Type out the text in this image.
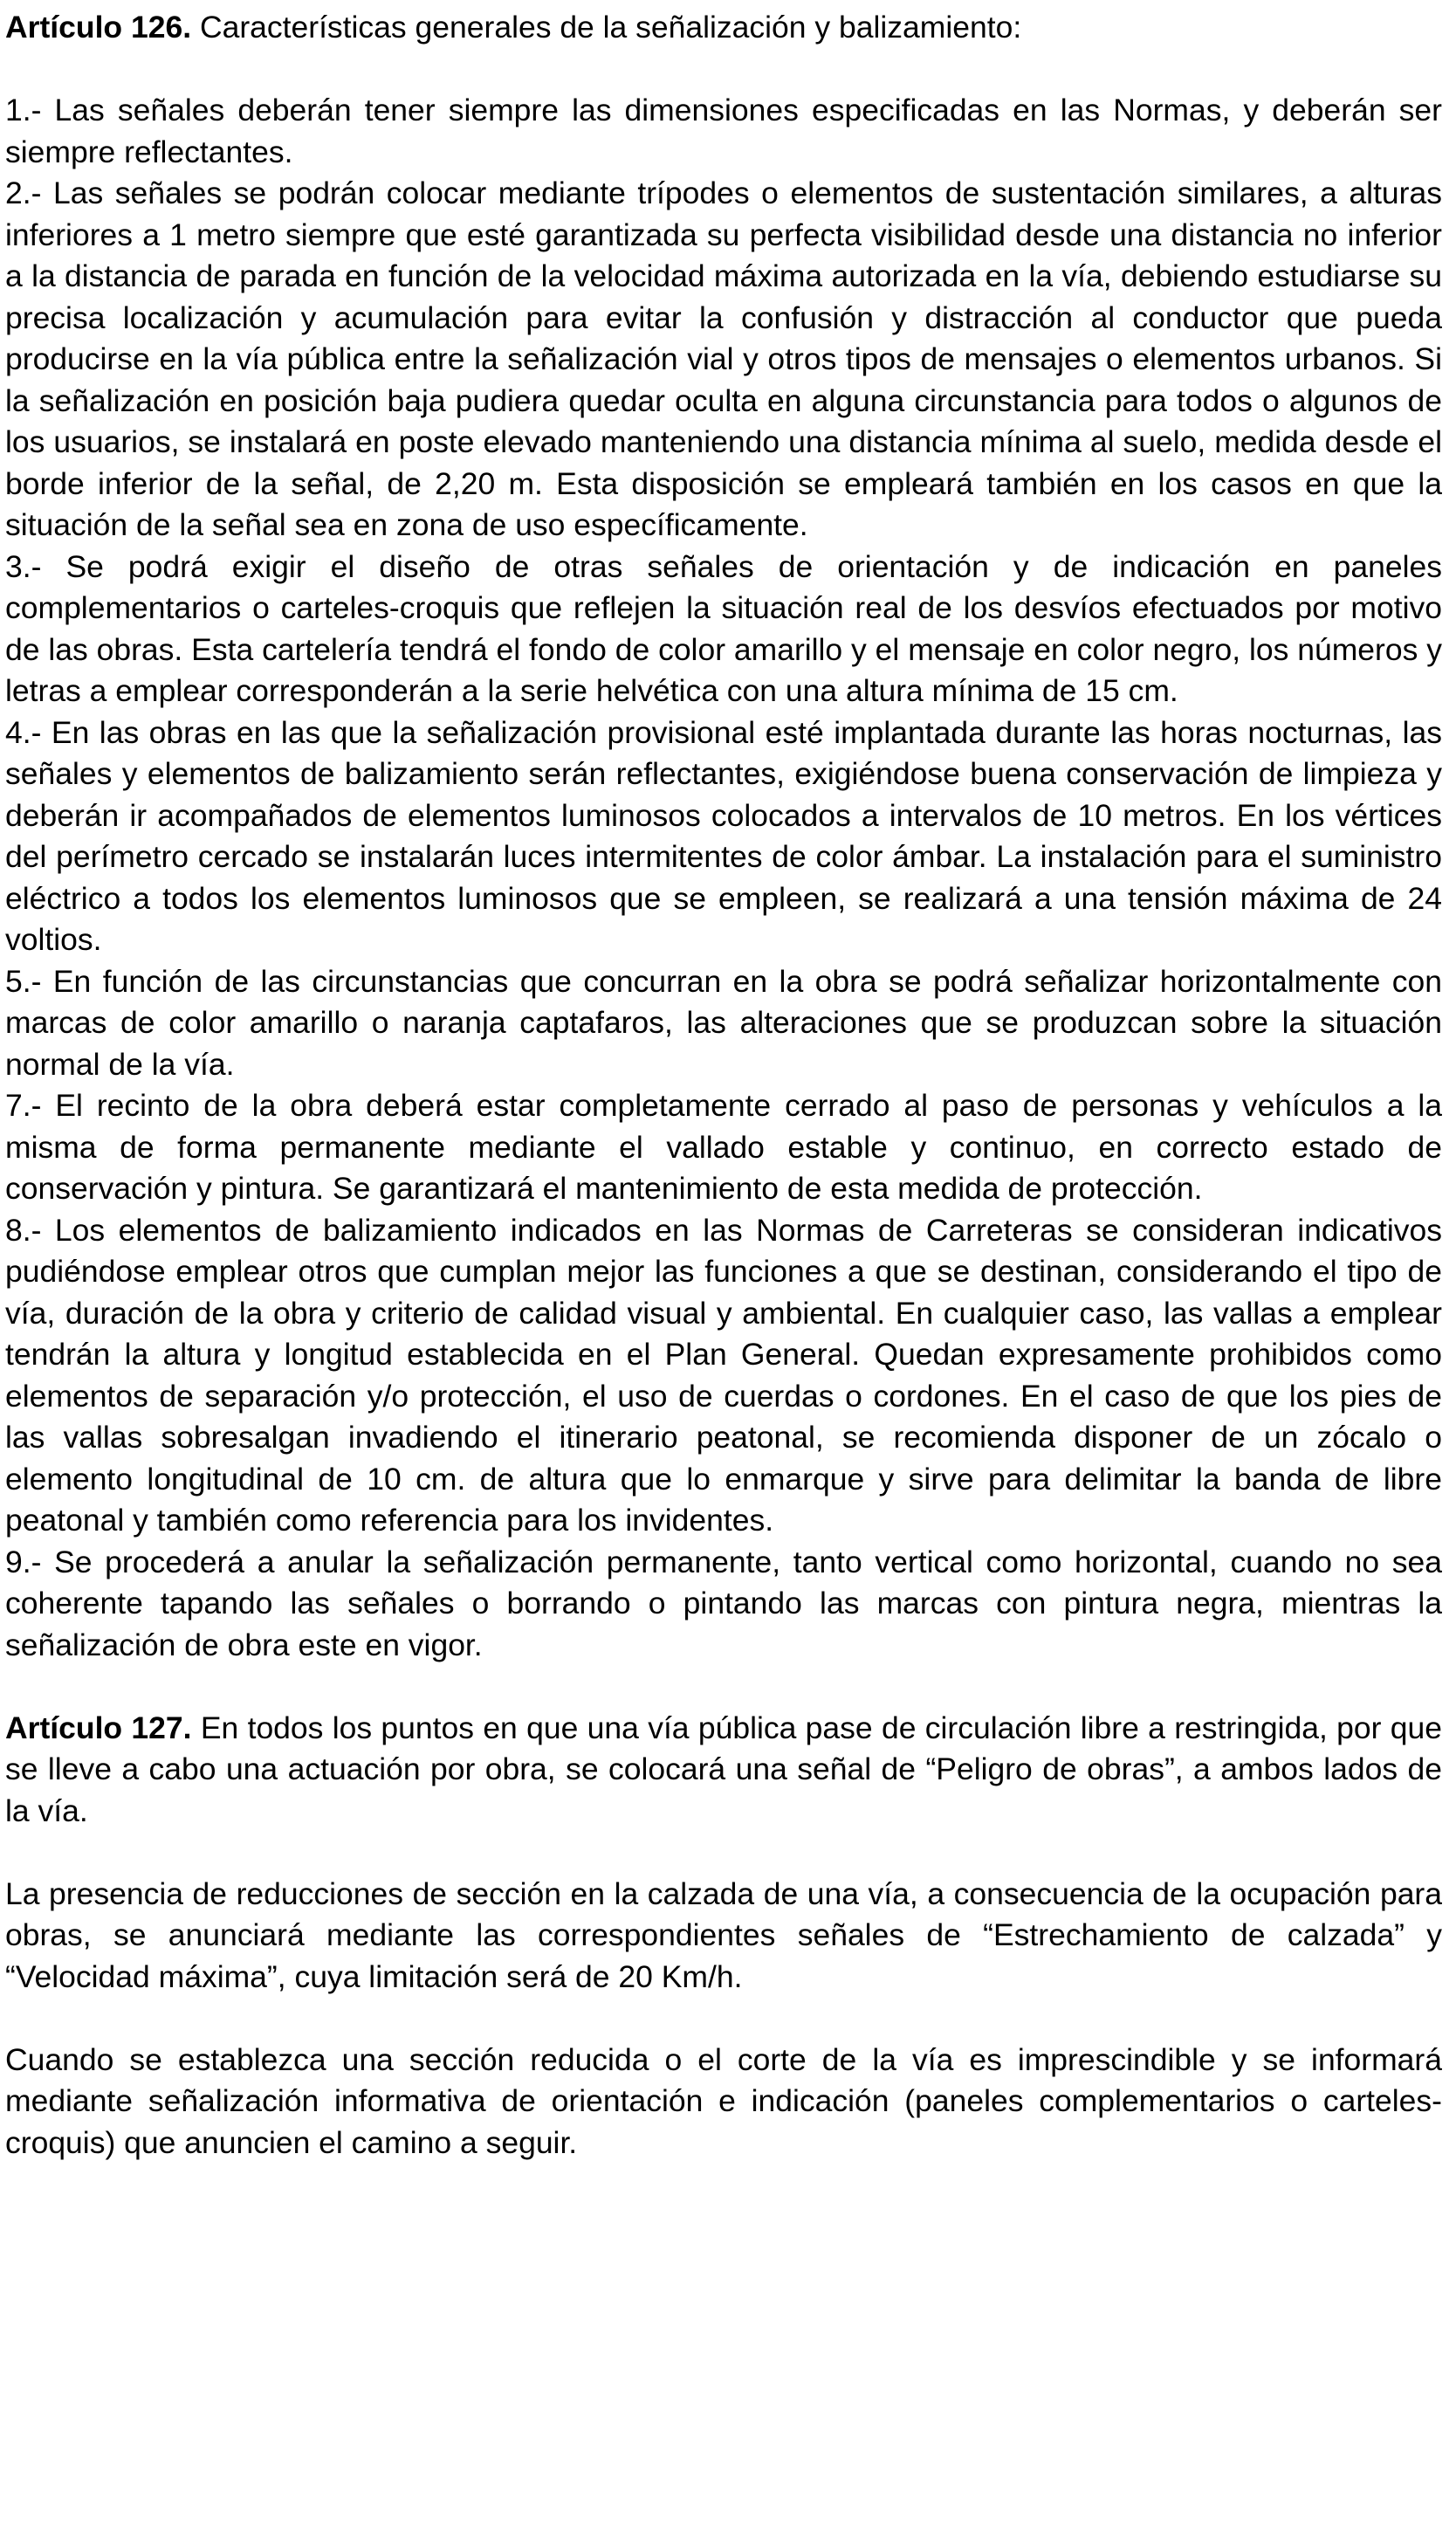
Artículo 126. Características generales de la señalización y balizamiento:

1.- Las señales deberán tener siempre las dimensiones especificadas en las Normas, y deberán ser siempre reflectantes.

2.- Las señales se podrán colocar mediante trípodes o elementos de sustentación similares, a alturas inferiores a 1 metro siempre que esté garantizada su perfecta visibilidad desde una distancia no inferior a la distancia de parada en función de la velocidad máxima autorizada en la vía, debiendo estudiarse su precisa localización y acumulación para evitar la confusión y distracción al conductor que pueda producirse en la vía pública entre la señalización vial y otros tipos de mensajes o elementos urbanos. Si la señalización en posición baja pudiera quedar oculta en alguna circunstancia para todos o algunos de los usuarios, se instalará en poste elevado manteniendo una distancia mínima al suelo, medida desde el borde inferior de la señal, de 2,20 m. Esta disposición se empleará también en los casos en que la situación de la señal sea en zona de uso específicamente.

3.- Se podrá exigir el diseño de otras señales de orientación y de indicación en paneles complementarios o carteles-croquis que reflejen la situación real de los desvíos efectuados por motivo de las obras. Esta cartelería tendrá el fondo de color amarillo y el mensaje en color negro, los números y letras a emplear corresponderán a la serie helvética con una altura mínima de 15 cm.

4.- En las obras en las que la señalización provisional esté implantada durante las horas nocturnas, las señales y elementos de balizamiento serán reflectantes, exigiéndose buena conservación de limpieza y deberán ir acompañados de elementos luminosos colocados a intervalos de 10 metros. En los vértices del perímetro cercado se instalarán luces intermitentes de color ámbar. La instalación para el suministro eléctrico a todos los elementos luminosos que se empleen, se realizará a una tensión máxima de 24 voltios.

5.- En función de las circunstancias que concurran en la obra se podrá señalizar horizontalmente con marcas de color amarillo o naranja captafaros, las alteraciones que se produzcan sobre la situación normal de la vía.

7.- El recinto de la obra deberá estar completamente cerrado al paso de personas y vehículos a la misma de forma permanente mediante el vallado estable y continuo, en correcto estado de conservación y pintura. Se garantizará el mantenimiento de esta medida de protección.

8.- Los elementos de balizamiento indicados en las Normas de Carreteras se consideran indicativos pudiéndose emplear otros que cumplan mejor las funciones a que se destinan, considerando el tipo de vía, duración de la obra y criterio de calidad visual y ambiental. En cualquier caso, las vallas a emplear tendrán la altura y longitud establecida en el Plan General. Quedan expresamente prohibidos como elementos de separación y/o protección, el uso de cuerdas o cordones. En el caso de que los pies de las vallas sobresalgan invadiendo el itinerario peatonal, se recomienda disponer de un zócalo o elemento longitudinal de 10 cm. de altura que lo enmarque y sirve para delimitar la banda de libre peatonal y también como referencia para los invidentes.

9.- Se procederá a anular la señalización permanente, tanto vertical como horizontal, cuando no sea coherente tapando las señales o borrando o pintando las marcas con pintura negra, mientras la señalización de obra este en vigor.

Artículo 127. En todos los puntos en que una vía pública pase de circulación libre a restringida, por que se lleve a cabo una actuación por obra, se colocará una señal de “Peligro de obras”, a ambos lados de la vía.

La presencia de reducciones de sección en la calzada de una vía, a consecuencia de la ocupación para obras, se anunciará mediante las correspondientes señales de “Estrechamiento de calzada” y “Velocidad máxima”, cuya limitación será de 20 Km/h.

Cuando se establezca una sección reducida o el corte de la vía es imprescindible y se informará mediante señalización informativa de orientación e indicación (paneles complementarios o carteles-croquis) que anuncien el camino a seguir.
